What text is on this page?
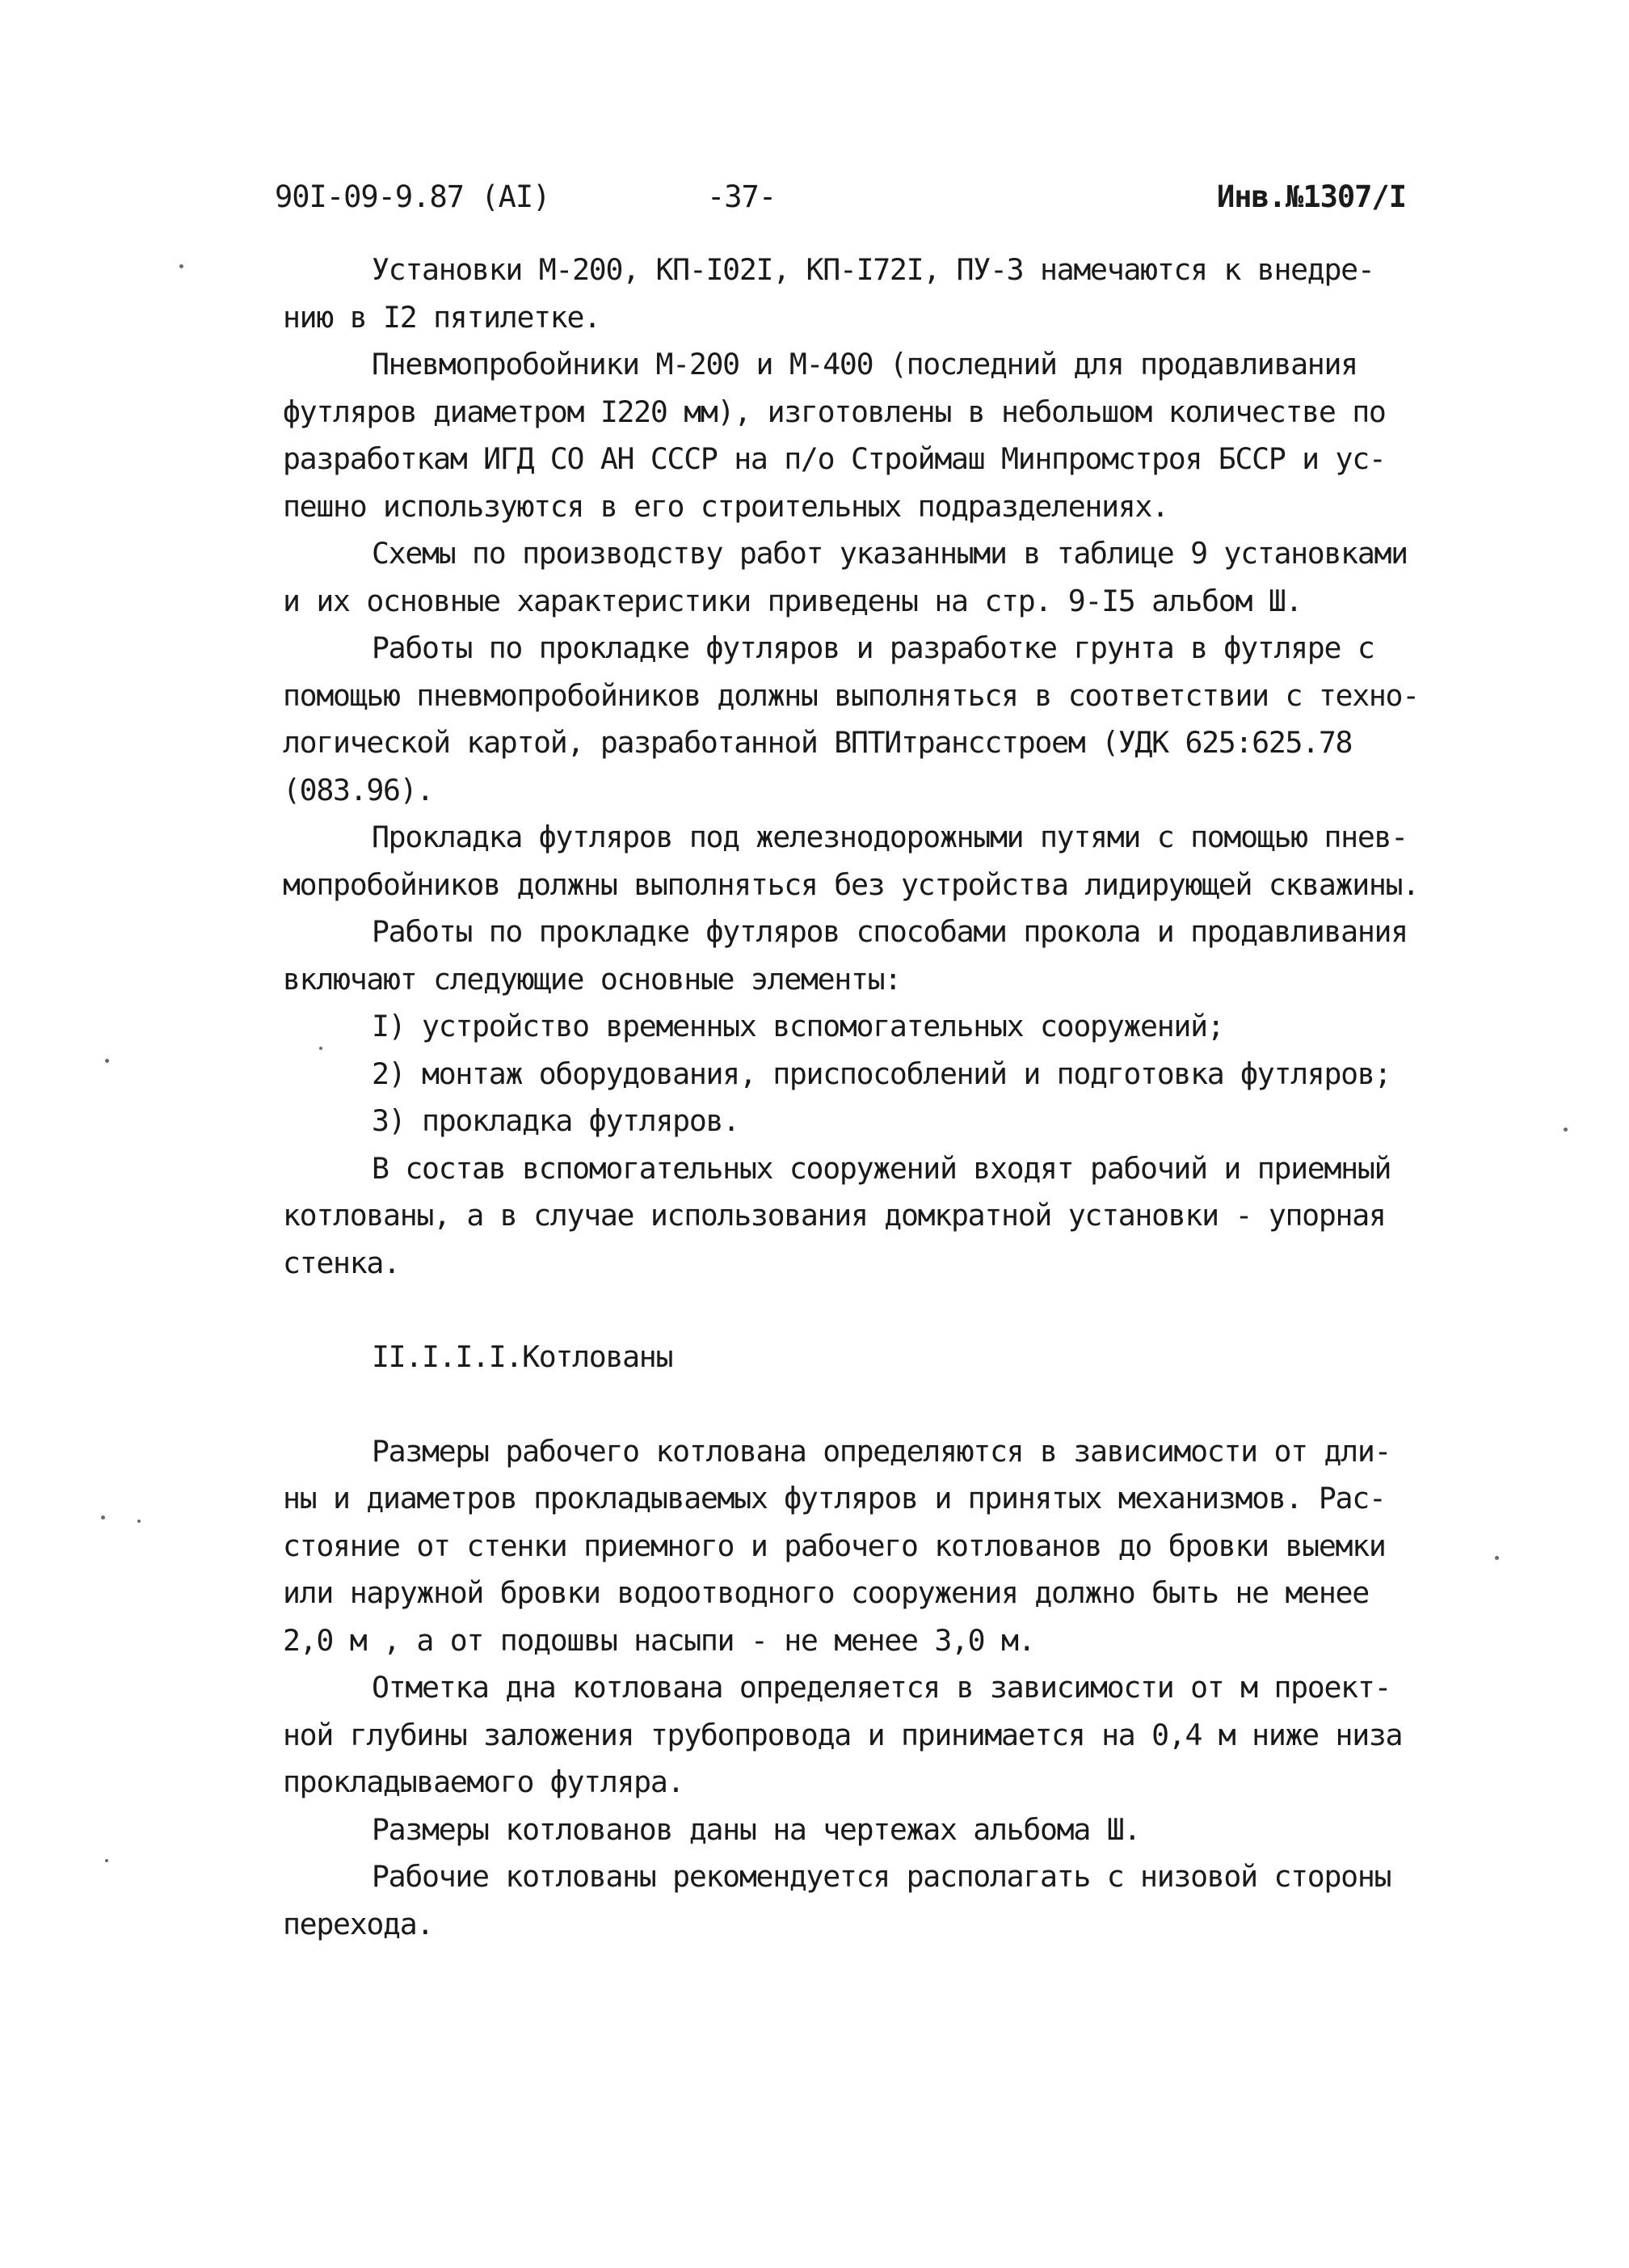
90I-09-9.87 (AI)	-37-	Инв.№1307/I

Установки М-200, КП-I02I, КП-I72I, ПУ-3 намечаются к внедре-

нию в I2 пятилетке.

Пневмопробойники М-200 и М-400 (последний для продавливания

футляров диаметром I220 мм), изготовлены в небольшом количестве по

разработкам ИГД СО АН СССР на п/о Строймаш Минпромстроя БССР и ус-

пешно используются в его строительных подразделениях.

Схемы по производству работ указанными в таблице 9 установками

и их основные характеристики приведены на стр. 9-I5 альбом Ш.

Работы по прокладке футляров и разработке грунта в футляре с

помощью пневмопробойников должны выполняться в соответствии с техно-

логической картой, разработанной ВПТИтрансстроем (УДК 625:625.78

(083.96).

Прокладка футляров под железнодорожными путями с помощью пнев-

мопробойников должны выполняться без устройства лидирующей скважины.

Работы по прокладке футляров способами прокола и продавливания

включают следующие основные элементы:

I) устройство временных вспомогательных сооружений;

2) монтаж оборудования, приспособлений и подготовка футляров;

3) прокладка футляров.

В состав вспомогательных сооружений входят рабочий и приемный

котлованы, а в случае использования домкратной установки - упорная

стенка.

II.I.I.I.Котлованы

Размеры рабочего котлована определяются в зависимости от дли-

ны и диаметров прокладываемых футляров и принятых механизмов. Рас-

стояние от стенки приемного и рабочего котлованов до бровки выемки

или наружной бровки водоотводного сооружения должно быть не менее

2,0 м , а от подошвы насыпи - не менее 3,0 м.

Отметка дна котлована определяется в зависимости от м проект-

ной глубины заложения трубопровода и принимается на 0,4 м ниже низа

прокладываемого футляра.

Размеры котлованов даны на чертежах альбома Ш.

Рабочие котлованы рекомендуется располагать с низовой стороны

перехода.
